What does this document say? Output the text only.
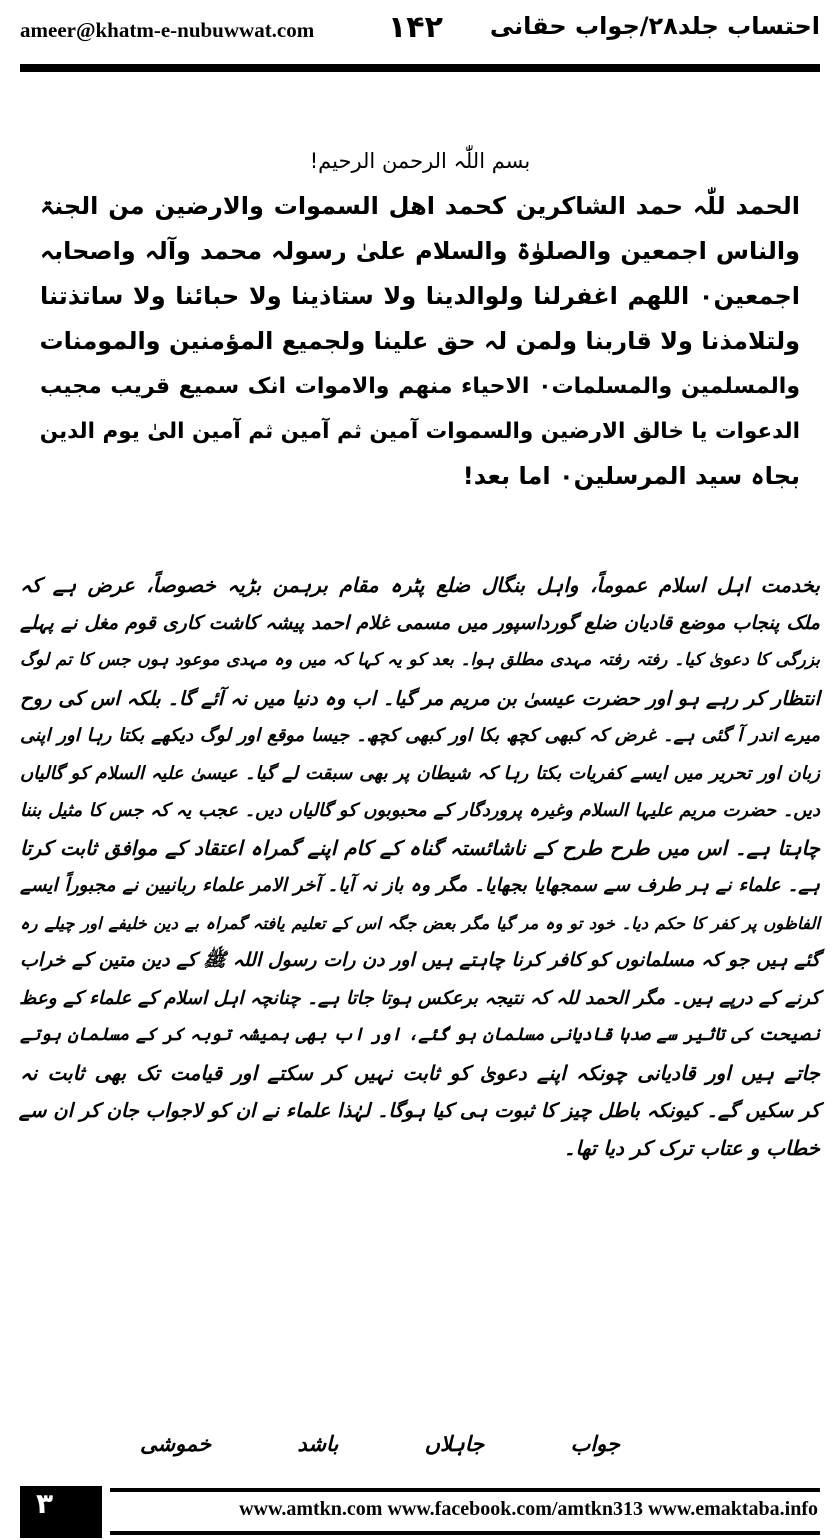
ameer@khatm-e-nubuwwat.com ۱۴۲ احتساب جلد۲۸/جواب حقانی
بسم اللّٰہ الرحمن الرحیم!
الحمد للّٰہ حمد الشاکرین کحمد اھل السموات والارضین من الجنۃ
والناس اجمعین والصلوٰۃ والسلام علیٰ رسولہ محمد وآلہ واصحابہ
اجمعین۰ اللھم اغفرلنا ولوالدینا ولا ستاذینا ولا حبائنا ولا ساتذتنا
ولتلامذنا ولا قاربنا ولمن لہ حق علینا ولجمیع المؤمنین والمومنات
والمسلمین والمسلمات۰ الاحیاء منھم والاموات انک سمیع قریب مجیب
الدعوات یا خالق الارضین والسموات آمین ثم آمین ثم آمین الیٰ یوم الدین
بجاہ سید المرسلین۰ اما بعد!
بخدمت اہل اسلام عموماً، واہل بنگال ضلع پٹرہ مقام برہمن بڑیہ خصوصاً، عرض ہے کہ
ملک پنجاب موضع قادیان ضلع گورداسپور میں مسمی غلام احمد پیشہ کاشت کاری قوم مغل نے پہلے
بزرگی کا دعویٰ کیا۔ رفتہ رفتہ مہدی مطلق ہوا۔ بعد کو یہ کہا کہ میں وہ مہدی موعود ہوں جس کا تم لوگ
انتظار کر رہے ہو اور حضرت عیسیٰ بن مریم مر گیا۔ اب وہ دنیا میں نہ آئے گا۔ بلکہ اس کی روح
میرے اندر آ گئی ہے۔ غرض کہ کبھی کچھ بکا اور کبھی کچھ۔ جیسا موقع اور لوگ دیکھے بکتا رہا اور اپنی
زبان اور تحریر میں ایسے کفریات بکتا رہا کہ شیطان پر بھی سبقت لے گیا۔ عیسیٰ علیہ السلام کو گالیاں
دیں۔ حضرت مریم علیہا السلام وغیرہ پروردگار کے محبوبوں کو گالیاں دیں۔ عجب یہ کہ جس کا مثیل بننا
چاہتا ہے۔ اس میں طرح طرح کے ناشائستہ گناہ کے کام اپنے گمراہ اعتقاد کے موافق ثابت کرتا
ہے۔ علماء نے ہر طرف سے سمجھایا بجھایا۔ مگر وہ باز نہ آیا۔ آخر الامر علماء ربانیین نے مجبوراً ایسے
الفاظوں پر کفر کا حکم دیا۔ خود تو وہ مر گیا مگر بعض جگہ اس کے تعلیم یافتہ گمراہ بے دین خلیفے اور چیلے رہ
گئے ہیں جو کہ مسلمانوں کو کافر کرنا چاہتے ہیں اور دن رات رسول اللہ ﷺ کے دین متین کے خراب
کرنے کے درپے ہیں۔ مگر الحمد للہ کہ نتیجہ برعکس ہوتا جاتا ہے۔ چنانچہ اہل اسلام کے علماء کے وعظ
نصیحت کی تاثیر سے صدہا قادیانی مسلمان ہو گئے، اور اب بھی ہمیشہ توبہ کر کے مسلمان ہوتے
جاتے ہیں اور قادیانی چونکہ اپنے دعویٰ کو ثابت نہیں کر سکتے اور قیامت تک بھی ثابت نہ
کر سکیں گے۔ کیونکہ باطل چیز کا ثبوت ہی کیا ہوگا۔ لہٰذا علماء نے ان کو لاجواب جان کر ان سے
خطاب و عتاب ترک کر دیا تھا۔
جواب
جاہلاں
باشد
خموشی
۳	www.amtkn.com www.facebook.com/amtkn313 www.emaktaba.info
